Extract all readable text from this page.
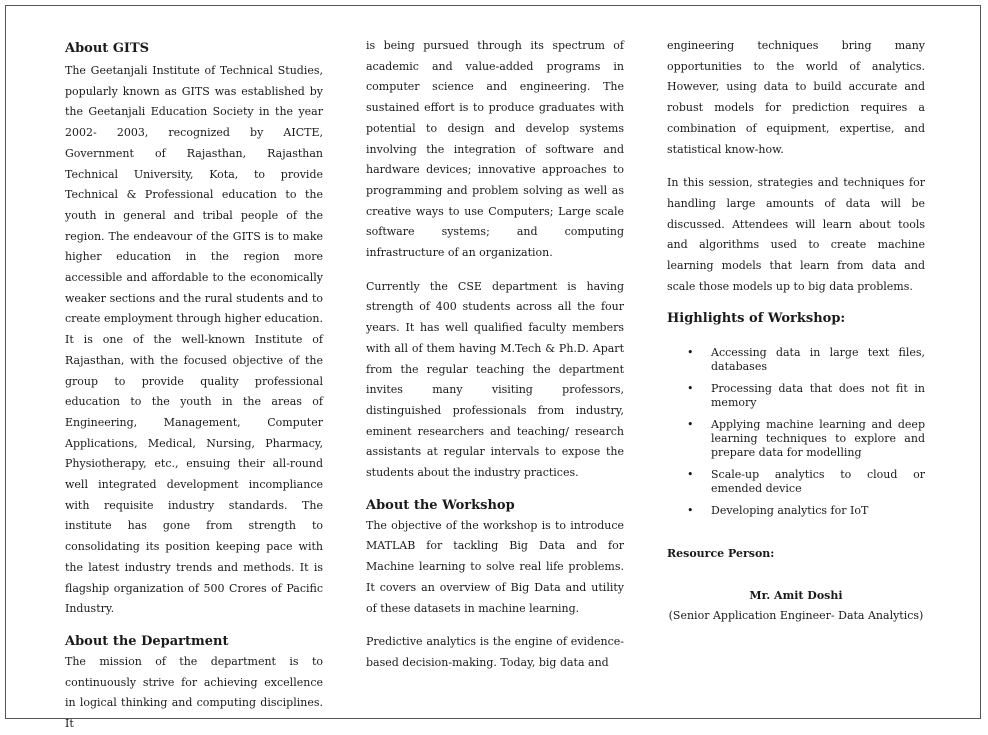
About GITS

The Geetanjali Institute of Technical Studies, popularly known as GITS was established by the Geetanjali Education Society in the year 2002- 2003, recognized by AICTE, Government of Rajasthan, Rajasthan Technical University, Kota, to provide Technical & Professional education to the youth in general and tribal people of the region. The endeavour of the GITS is to make higher education in the region more accessible and affordable to the economically weaker sections and the rural students and to create employment through higher education. It is one of the well-known Institute of Rajasthan, with the focused objective of the group to provide quality professional education to the youth in the areas of Engineering, Management, Computer Applications, Medical, Nursing, Pharmacy, Physiotherapy, etc., ensuing their all-round well integrated development incompliance with requisite industry standards. The institute has gone from strength to consolidating its position keeping pace with the latest industry trends and methods. It is flagship organization of 500 Crores of Pacific Industry.

About the Department

The mission of the department is to continuously strive for achieving excellence in logical thinking and computing disciplines. It

is being pursued through its spectrum of academic and value-added programs in computer science and engineering. The sustained effort is to produce graduates with potential to design and develop systems involving the integration of software and hardware devices; innovative approaches to programming and problem solving as well as creative ways to use Computers; Large scale software systems; and computing infrastructure of an organization.

Currently the CSE department is having strength of 400 students across all the four years. It has well qualified faculty members with all of them having M.Tech & Ph.D. Apart from the regular teaching the department invites many visiting professors, distinguished professionals from industry, eminent researchers and teaching/ research assistants at regular intervals to expose the students about the industry practices.

About the Workshop

The objective of the workshop is to introduce MATLAB for tackling Big Data and for Machine learning to solve real life problems. It covers an overview of Big Data and utility of these datasets in machine learning.

Predictive analytics is the engine of evidence-based decision-making. Today, big data and

engineering techniques bring many opportunities to the world of analytics. However, using data to build accurate and robust models for prediction requires a combination of equipment, expertise, and statistical know-how.

In this session, strategies and techniques for handling large amounts of data will be discussed. Attendees will learn about tools and algorithms used to create machine learning models that learn from data and scale those models up to big data problems.

Highlights of Workshop:
• Accessing data in large text files, databases
• Processing data that does not fit in memory
• Applying machine learning and deep learning techniques to explore and prepare data for modelling
• Scale-up analytics to cloud or emended device
• Developing analytics for IoT

Resource Person:

Mr. Amit Doshi

(Senior Application Engineer- Data Analytics)
